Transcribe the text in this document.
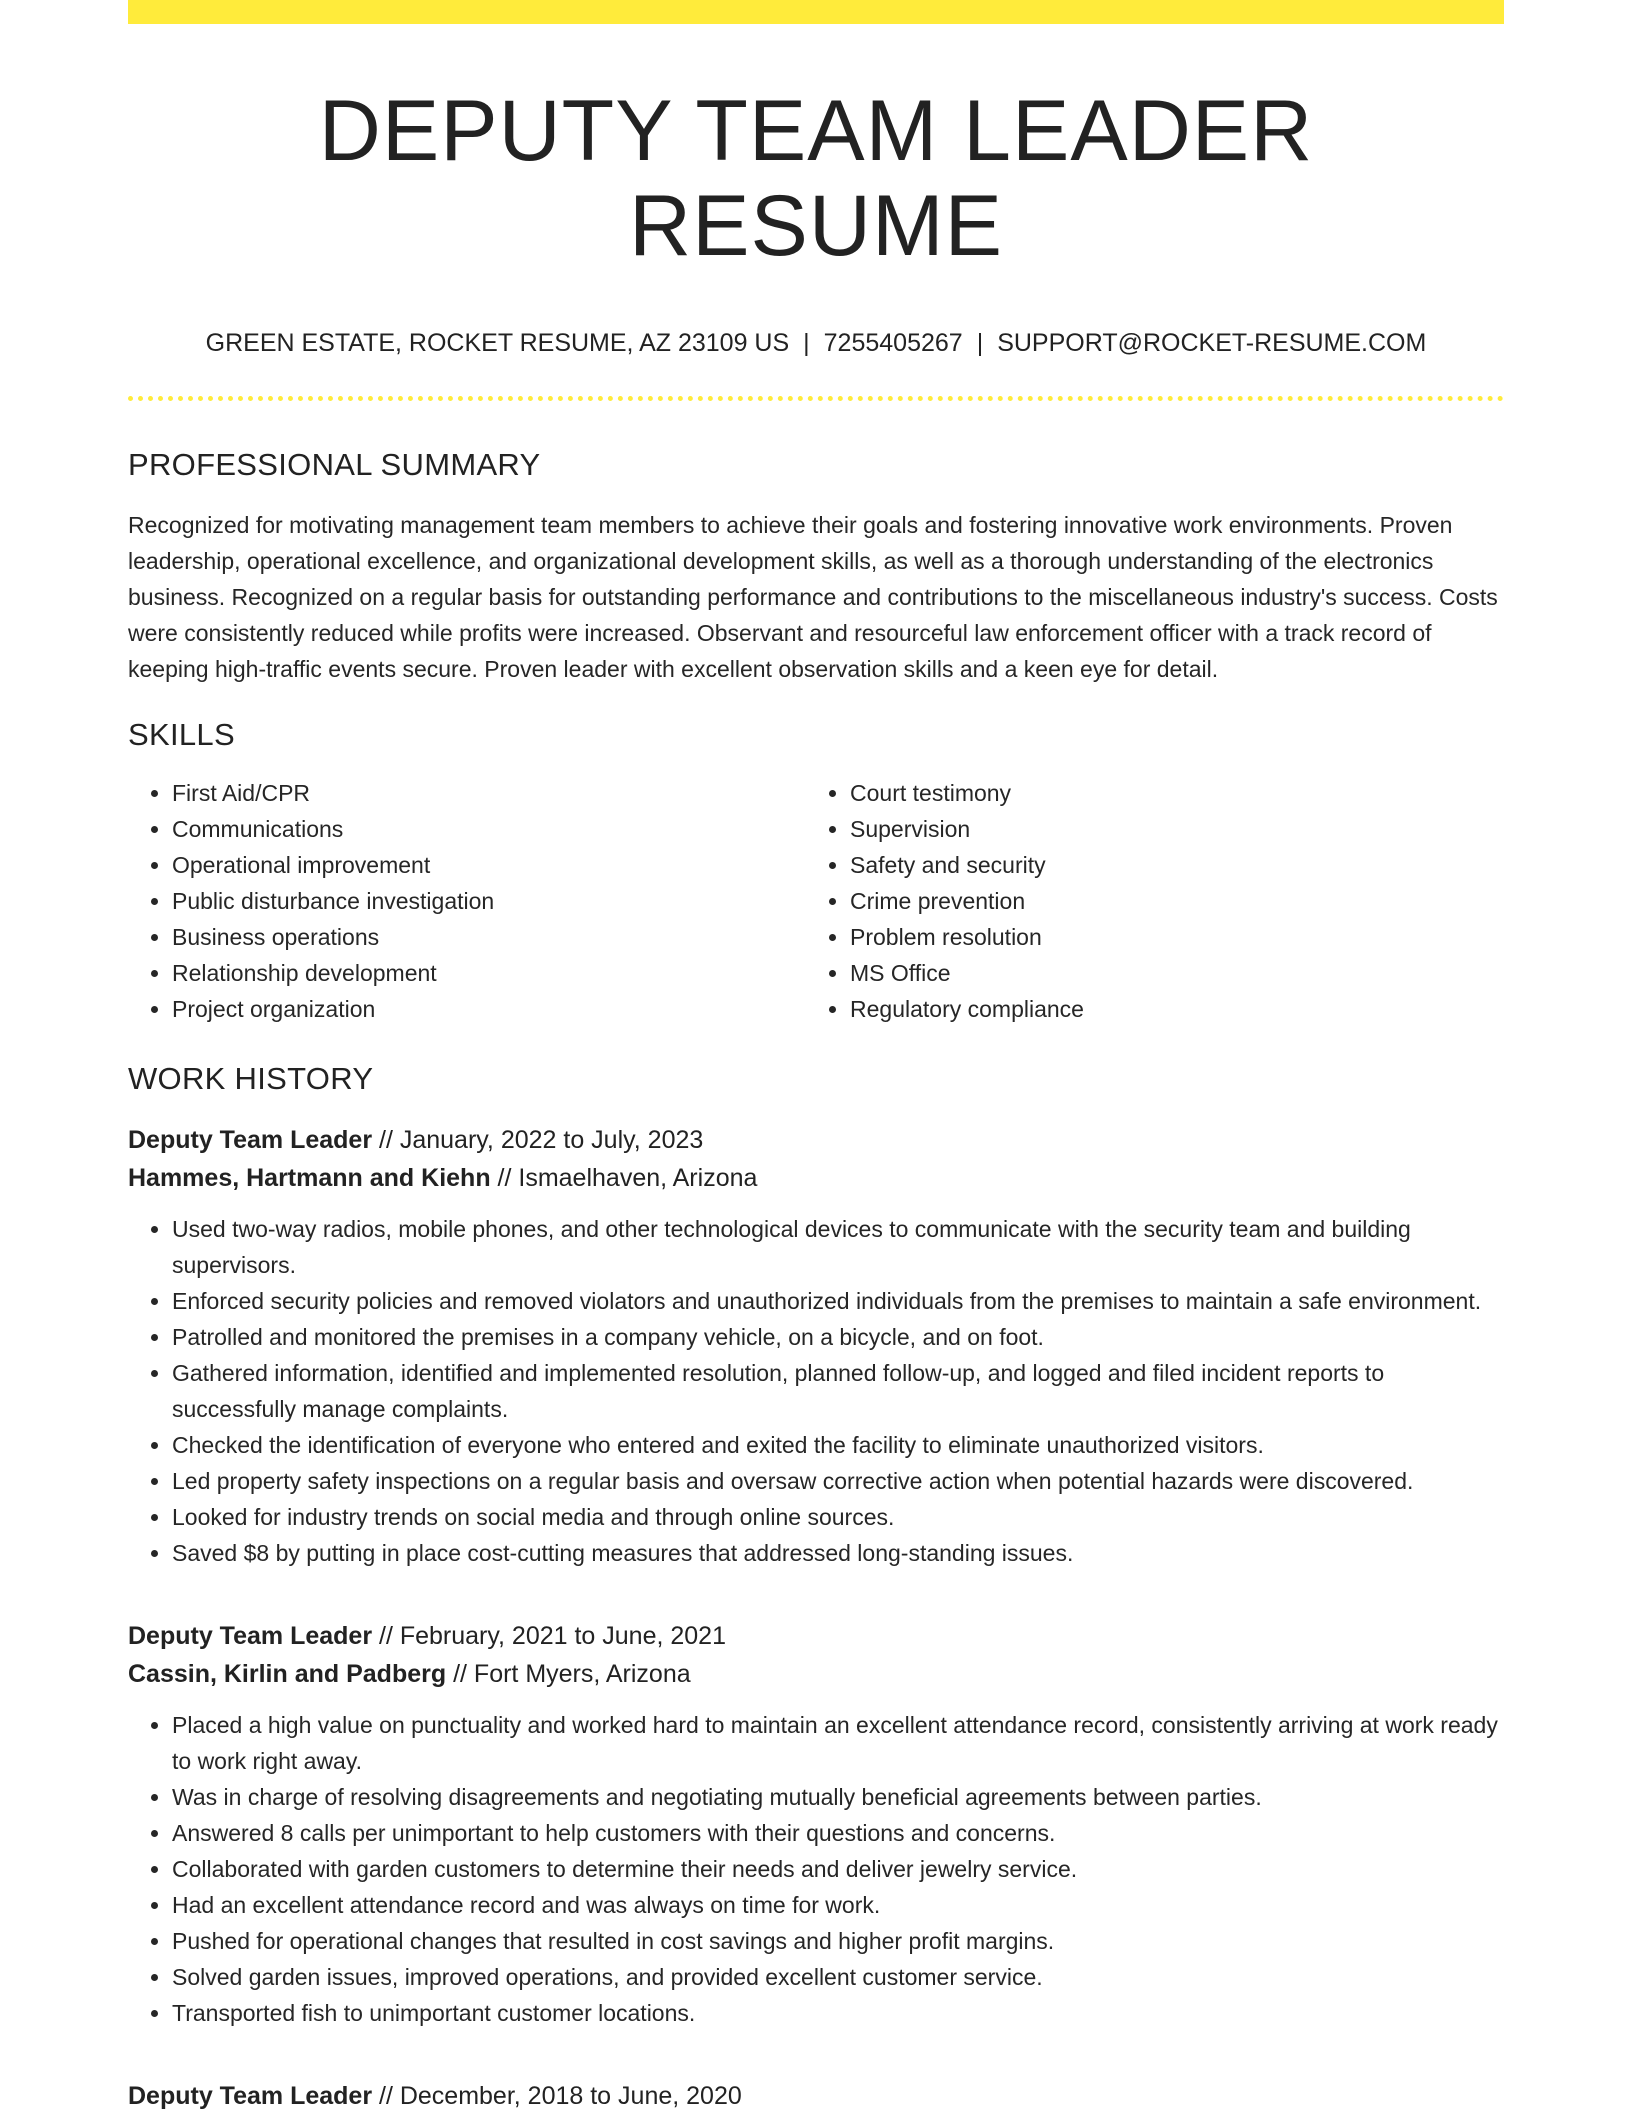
DEPUTY TEAM LEADER RESUME
GREEN ESTATE, ROCKET RESUME, AZ 23109 US | 7255405267 | SUPPORT@ROCKET-RESUME.COM
PROFESSIONAL SUMMARY
Recognized for motivating management team members to achieve their goals and fostering innovative work environments. Proven leadership, operational excellence, and organizational development skills, as well as a thorough understanding of the electronics business. Recognized on a regular basis for outstanding performance and contributions to the miscellaneous industry's success. Costs were consistently reduced while profits were increased. Observant and resourceful law enforcement officer with a track record of keeping high-traffic events secure. Proven leader with excellent observation skills and a keen eye for detail.
SKILLS
• First Aid/CPR
• Communications
• Operational improvement
• Public disturbance investigation
• Business operations
• Relationship development
• Project organization
• Court testimony
• Supervision
• Safety and security
• Crime prevention
• Problem resolution
• MS Office
• Regulatory compliance
WORK HISTORY
Deputy Team Leader // January, 2022 to July, 2023
Hammes, Hartmann and Kiehn // Ismaelhaven, Arizona
• Used two-way radios, mobile phones, and other technological devices to communicate with the security team and building supervisors.
• Enforced security policies and removed violators and unauthorized individuals from the premises to maintain a safe environment.
• Patrolled and monitored the premises in a company vehicle, on a bicycle, and on foot.
• Gathered information, identified and implemented resolution, planned follow-up, and logged and filed incident reports to successfully manage complaints.
• Checked the identification of everyone who entered and exited the facility to eliminate unauthorized visitors.
• Led property safety inspections on a regular basis and oversaw corrective action when potential hazards were discovered.
• Looked for industry trends on social media and through online sources.
• Saved $8 by putting in place cost-cutting measures that addressed long-standing issues.
Deputy Team Leader // February, 2021 to June, 2021
Cassin, Kirlin and Padberg // Fort Myers, Arizona
• Placed a high value on punctuality and worked hard to maintain an excellent attendance record, consistently arriving at work ready to work right away.
• Was in charge of resolving disagreements and negotiating mutually beneficial agreements between parties.
• Answered 8 calls per unimportant to help customers with their questions and concerns.
• Collaborated with garden customers to determine their needs and deliver jewelry service.
• Had an excellent attendance record and was always on time for work.
• Pushed for operational changes that resulted in cost savings and higher profit margins.
• Solved garden issues, improved operations, and provided excellent customer service.
• Transported fish to unimportant customer locations.
Deputy Team Leader // December, 2018 to June, 2020
